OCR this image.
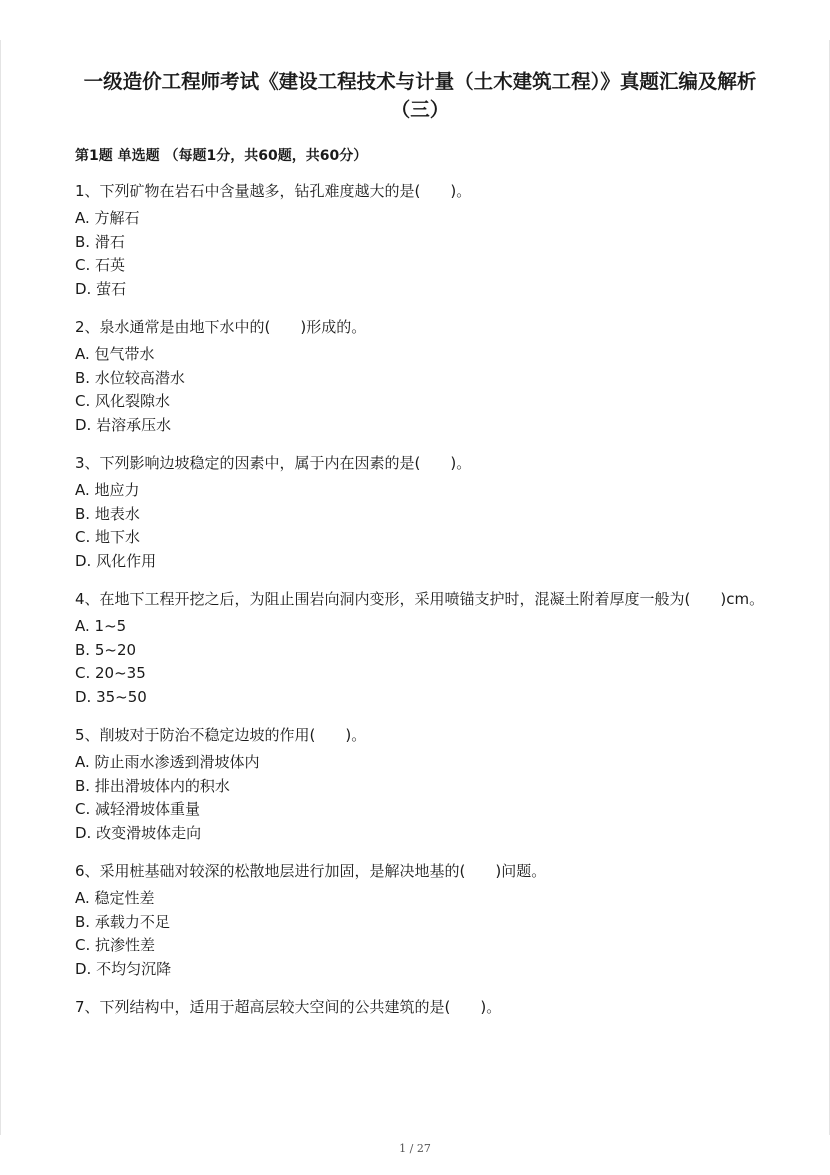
一级造价工程师考试《建设工程技术与计量（土木建筑工程）》真题汇编及解析（三）
第1题 单选题 （每题1分，共60题，共60分）
1、下列矿物在岩石中含量越多，钻孔难度越大的是(　　)。
A. 方解石
B. 滑石
C. 石英
D. 萤石
2、泉水通常是由地下水中的(　　)形成的。
A. 包气带水
B. 水位较高潜水
C. 风化裂隙水
D. 岩溶承压水
3、下列影响边坡稳定的因素中，属于内在因素的是(　　)。
A. 地应力
B. 地表水
C. 地下水
D. 风化作用
4、在地下工程开挖之后，为阻止围岩向洞内变形，采用喷锚支护时，混凝土附着厚度一般为(　　)cm。
A. 1~5
B. 5~20
C. 20~35
D. 35~50
5、削坡对于防治不稳定边坡的作用(　　)。
A. 防止雨水渗透到滑坡体内
B. 排出滑坡体内的积水
C. 减轻滑坡体重量
D. 改变滑坡体走向
6、采用桩基础对较深的松散地层进行加固，是解决地基的(　　)问题。
A. 稳定性差
B. 承载力不足
C. 抗渗性差
D. 不均匀沉降
7、下列结构中，适用于超高层较大空间的公共建筑的是(　　)。
1 / 27
